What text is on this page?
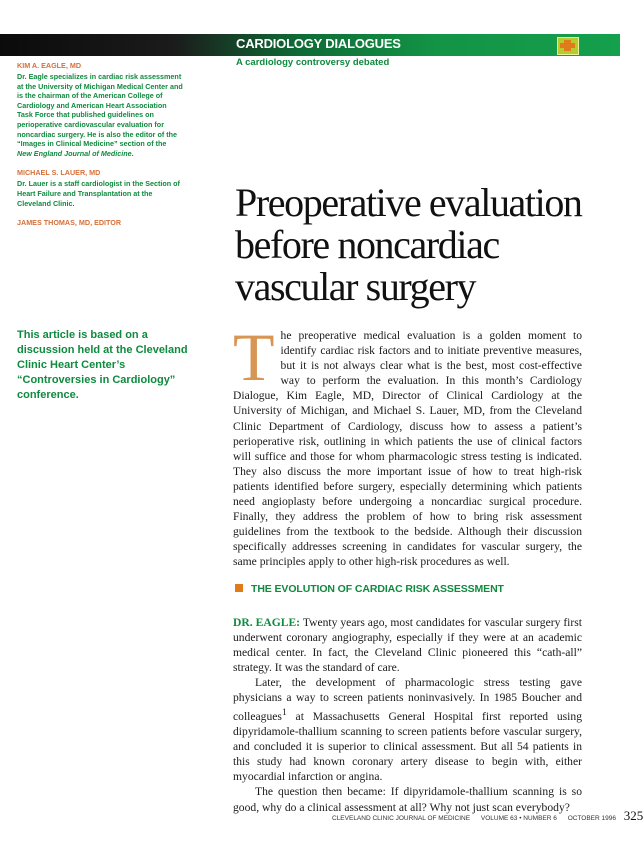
CARDIOLOGY DIALOGUES
A cardiology controversy debated

KIM A. EAGLE, MD

Dr. Eagle specializes in cardiac risk assessment at the University of Michigan Medical Center and is the chairman of the American College of Cardiology and American Heart Association Task Force that published guidelines on perioperative cardiovascular evaluation for noncardiac surgery. He is also the editor of the “Images in Clinical Medicine” section of the New England Journal of Medicine.

MICHAEL S. LAUER, MD

Dr. Lauer is a staff cardiologist in the Section of Heart Failure and Transplantation at the Cleveland Clinic.

JAMES THOMAS, MD, EDITOR

This article is based on a discussion held at the Cleveland Clinic Heart Center’s “Controversies in Cardiology” conference.
Preoperative evaluation
before noncardiac
vascular surgery

The preoperative medical evaluation is a golden moment to identify cardiac risk factors and to initiate preventive measures, but it is not always clear what is the best, most cost-effective way to perform the evaluation. In this month’s Cardiology Dialogue, Kim Eagle, MD, Director of Clinical Cardiology at the University of Michigan, and Michael S. Lauer, MD, from the Cleveland Clinic Department of Cardiology, discuss how to assess a patient’s perioperative risk, outlining in which patients the use of clinical factors will suffice and those for whom pharmacologic stress testing is indicated. They also discuss the more important issue of how to treat high-risk patients identified before surgery, especially determining which patients need angioplasty before undergoing a noncardiac surgical procedure. Finally, they address the problem of how to bring risk assessment guidelines from the textbook to the bedside. Although their discussion specifically addresses screening in candidates for vascular surgery, the same principles apply to other high-risk procedures as well.

THE EVOLUTION OF CARDIAC RISK ASSESSMENT

DR. EAGLE: Twenty years ago, most candidates for vascular surgery first underwent coronary angiography, especially if they were at an academic medical center. In fact, the Cleveland Clinic pioneered this “cath-all” strategy. It was the standard of care.

Later, the development of pharmacologic stress testing gave physicians a way to screen patients noninvasively. In 1985 Boucher and colleagues$^1$ at Massachusetts General Hospital first reported using dipyridamole-thallium scanning to screen patients before vascular surgery, and concluded it is superior to clinical assessment. But all 54 patients in this study had known coronary artery disease to begin with, either myocardial infarction or angina.

The question then became: If dipyridamole-thallium scanning is so good, why do a clinical assessment at all? Why not just scan everybody?

CLEVELAND CLINIC JOURNAL OF MEDICINE VOLUME 63 • NUMBER 6 OCTOBER 1996 325
